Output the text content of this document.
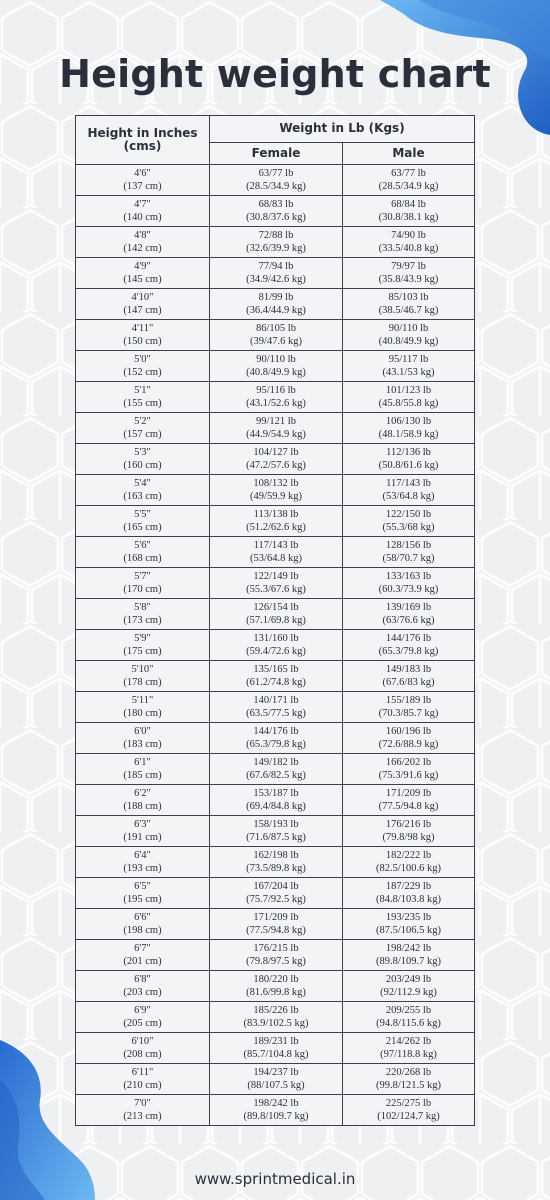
Height weight chart
Height in Inches (cms)	Weight in Lb (Kgs)	
	Female	Male

4'6"
(137 cm)	63/77 lb
(28.5/34.9 kg)	63/77 lb
(28.5/34.9 kg)

4'7"
(140 cm)	68/83 lb
(30.8/37.6 kg)	68/84 lb
(30.8/38.1 kg)

4'8"
(142 cm)	72/88 lb
(32.6/39.9 kg)	74/90 lb
(33.5/40.8 kg)

4'9"
(145 cm)	77/94 lb
(34.9/42.6 kg)	79/97 lb
(35.8/43.9 kg)

4'10"
(147 cm)	81/99 lb
(36.4/44.9 kg)	85/103 lb
(38.5/46.7 kg)

4'11"
(150 cm)	86/105 lb
(39/47.6 kg)	90/110 lb
(40.8/49.9 kg)

5'0"
(152 cm)	90/110 lb
(40.8/49.9 kg)	95/117 lb
(43.1/53 kg)

5'1"
(155 cm)	95/116 lb
(43.1/52.6 kg)	101/123 lb
(45.8/55.8 kg)

5'2"
(157 cm)	99/121 lb
(44.9/54.9 kg)	106/130 lb
(48.1/58.9 kg)

5'3"
(160 cm)	104/127 lb
(47.2/57.6 kg)	112/136 lb
(50.8/61.6 kg)

5'4"
(163 cm)	108/132 lb
(49/59.9 kg)	117/143 lb
(53/64.8 kg)

5'5"
(165 cm)	113/138 lb
(51.2/62.6 kg)	122/150 lb
(55.3/68 kg)

5'6"
(168 cm)	117/143 lb
(53/64.8 kg)	128/156 lb
(58/70.7 kg)

5'7"
(170 cm)	122/149 lb
(55.3/67.6 kg)	133/163 lb
(60.3/73.9 kg)

5'8"
(173 cm)	126/154 lb
(57.1/69.8 kg)	139/169 lb
(63/76.6 kg)

5'9"
(175 cm)	131/160 lb
(59.4/72.6 kg)	144/176 lb
(65.3/79.8 kg)

5'10"
(178 cm)	135/165 lb
(61.2/74.8 kg)	149/183 lb
(67.6/83 kg)

5'11"
(180 cm)	140/171 lb
(63.5/77.5 kg)	155/189 lb
(70.3/85.7 kg)

6'0"
(183 cm)	144/176 lb
(65.3/79.8 kg)	160/196 lb
(72.6/88.9 kg)

6'1"
(185 cm)	149/182 lb
(67.6/82.5 kg)	166/202 lb
(75.3/91.6 kg)

6'2"
(188 cm)	153/187 lb
(69.4/84.8 kg)	171/209 lb
(77.5/94.8 kg)

6'3"
(191 cm)	158/193 lb
(71.6/87.5 kg)	176/216 lb
(79.8/98 kg)

6'4"
(193 cm)	162/198 lb
(73.5/89.8 kg)	182/222 lb
(82.5/100.6 kg)

6'5"
(195 cm)	167/204 lb
(75.7/92.5 kg)	187/229 lb
(84.8/103.8 kg)

6'6"
(198 cm)	171/209 lb
(77.5/94.8 kg)	193/235 lb
(87.5/106.5 kg)

6'7"
(201 cm)	176/215 lb
(79.8/97.5 kg)	198/242 lb
(89.8/109.7 kg)

6'8"
(203 cm)	180/220 lb
(81.6/99.8 kg)	203/249 lb
(92/112.9 kg)

6'9"
(205 cm)	185/226 lb
(83.9/102.5 kg)	209/255 lb
(94.8/115.6 kg)

6'10"
(208 cm)	189/231 lb
(85.7/104.8 kg)	214/262 lb
(97/118.8 kg)

6'11"
(210 cm)	194/237 lb
(88/107.5 kg)	220/268 lb
(99.8/121.5 kg)

7'0"
(213 cm)	198/242 lb
(89.8/109.7 kg)	225/275 lb
(102/124.7 kg)
www.sprintmedical.in
